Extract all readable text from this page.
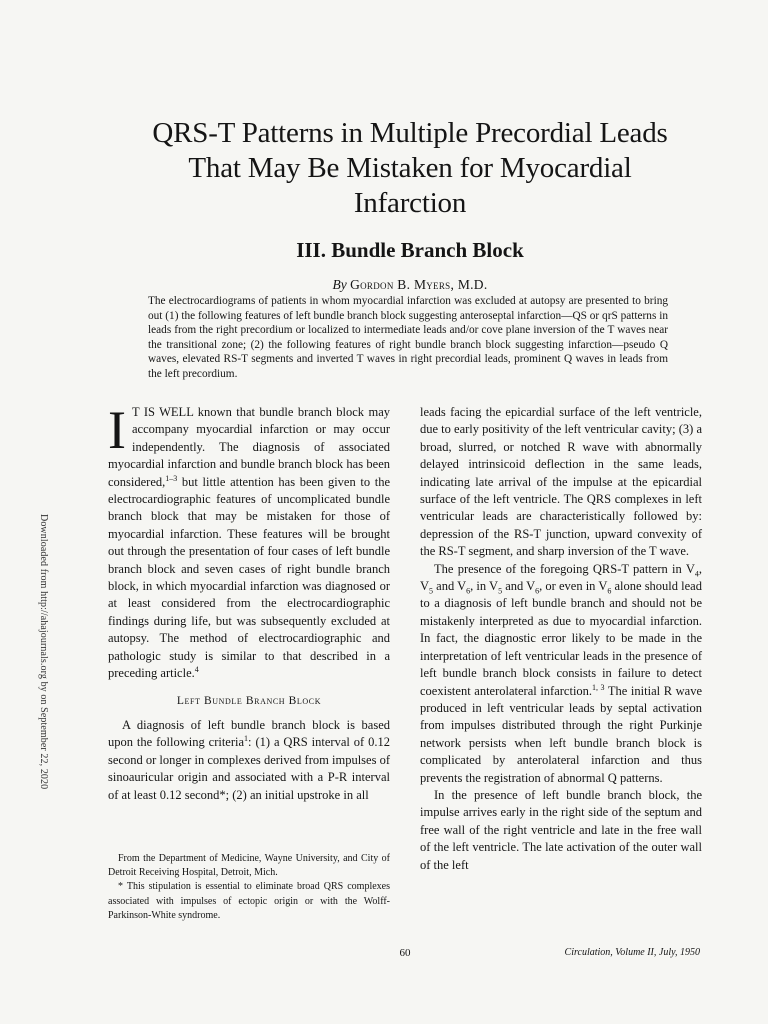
QRS-T Patterns in Multiple Precordial Leads
That May Be Mistaken for Myocardial
Infarction
III. Bundle Branch Block
By Gordon B. Myers, M.D.
The electrocardiograms of patients in whom myocardial infarction was excluded at autopsy are presented to bring out (1) the following features of left bundle branch block suggesting anteroseptal infarction—QS or qrS patterns in leads from the right precordium or localized to intermediate leads and/or cove plane inversion of the T waves near the transitional zone; (2) the following features of right bundle branch block suggesting infarction—pseudo Q waves, elevated RS-T segments and inverted T waves in right precordial leads, prominent Q waves in leads from the left precordium.

I T IS WELL known that bundle branch block may accompany myocardial infarction or may occur independently. The diagnosis of associated myocardial infarction and bundle branch block has been considered,$^{1-3}$ but little attention has been given to the electrocardiographic features of uncomplicated bundle branch block that may be mistaken for those of myocardial infarction. These features will be brought out through the presentation of four cases of left bundle branch block and seven cases of right bundle branch block, in which myocardial infarction was diagnosed or at least considered from the electrocardiographic findings during life, but was subsequently excluded at autopsy. The method of electrocardiographic and pathologic study is similar to that described in a preceding article.$^4$

Left Bundle Branch Block

A diagnosis of left bundle branch block is based upon the following criteria$^1$: (1) a QRS interval of 0.12 second or longer in complexes derived from impulses of sinoauricular origin and associated with a P-R interval of at least 0.12 second*; (2) an initial upstroke in all

leads facing the epicardial surface of the left ventricle, due to early positivity of the left ventricular cavity; (3) a broad, slurred, or notched R wave with abnormally delayed intrinsicoid deflection in the same leads, indicating late arrival of the impulse at the epicardial surface of the left ventricle. The QRS complexes in left ventricular leads are characteristically followed by: depression of the RS-T junction, upward convexity of the RS-T segment, and sharp inversion of the T wave.

The presence of the foregoing QRS-T pattern in $V_4$, $V_5$ and $V_6$, in $V_5$ and $V_6$, or even in $V_6$ alone should lead to a diagnosis of left bundle branch and should not be mistakenly interpreted as due to myocardial infarction. In fact, the diagnostic error likely to be made in the interpretation of left ventricular leads in the presence of left bundle branch block consists in failure to detect coexistent anterolateral infarction.$^{1, 3}$ The initial R wave produced in left ventricular leads by septal activation from impulses distributed through the right Purkinje network persists when left bundle branch block is complicated by anterolateral infarction and thus prevents the registration of abnormal Q patterns.

In the presence of left bundle branch block, the impulse arrives early in the right side of the septum and free wall of the right ventricle and late in the free wall of the left ventricle. The late activation of the outer wall of the left

From the Department of Medicine, Wayne University, and City of Detroit Receiving Hospital, Detroit, Mich.

* This stipulation is essential to eliminate broad QRS complexes associated with impulses of ectopic origin or with the Wolff-Parkinson-White syndrome.

60	Circulation, Volume II, July, 1950
Downloaded from http://ahajournals.org by on September 22, 2020
